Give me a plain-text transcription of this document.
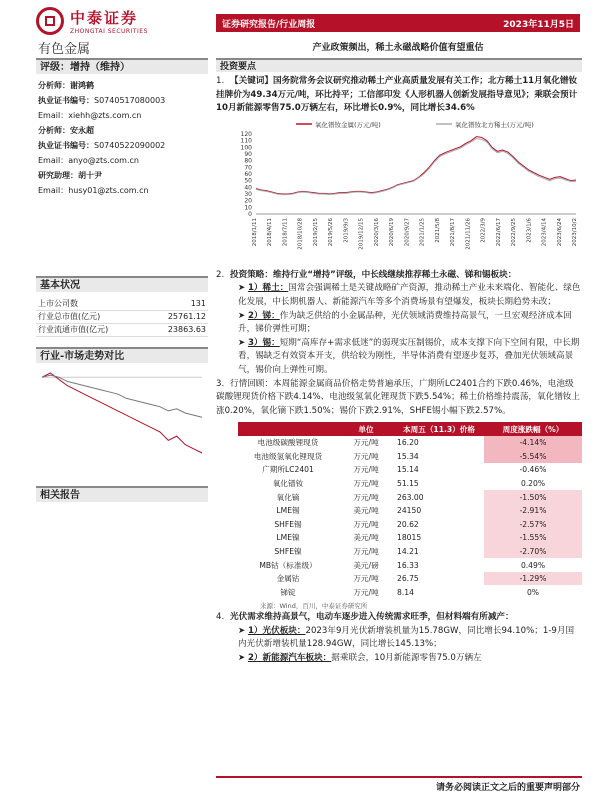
中泰证券
ZHONGTAI SECURITIES
有色金属
证券研究报告/行业周报	2023年11月5日
产业政策频出，稀土永磁战略价值有望重估
评级：增持（维持）
分析师：谢鸿鹤
执业证书编号：S0740517080003
Email：xiehh@zts.com.cn
分析师：安永超
执业证书编号：S0740522090002
Email：anyo@zts.com.cn
研究助理：胡十尹
Email：husy01@zts.com.cn
基本状况
上市公司数	131
行业总市值(亿元)	25761.12
行业流通市值(亿元)	23863.63
行业-市场走势对比
相关报告
投资要点
1. 【关键词】国务院常务会议研究推动稀土产业高质量发展有关工作；北方稀土11月氧化镨钕挂牌价为49.34万元/吨，环比持平；工信部印发《人形机器人创新发展指导意见》；乘联会预计10月新能源零售75.0万辆左右，环比增长0.9%，同比增长34.6%
氧化镨钕金属(万元/吨)	氧化镨钕北方稀土(万元/吨)
0
10
20
30
40
50
60
70
80
90
100
110
120
2018/1/11 2018/4/11 2018/7/11 2018/10/28 2019/2/15 2019/5/26 2019/9/3 2019/12/15 2020/3/16 2020/6/19 2020/9/27 2021/1/25 2021/5/8 2021/8/17 2021/11/26 2022/3/9 2022/6/17 2022/9/25 2023/1/6 2023/4/14 2023/6/24 2023/10/2
2. 投资策略：维持行业“增持”评级，中长线继续推荐稀土永磁、锑和锡板块：
➤ 1）稀土：国常会强调稀土是关键战略矿产资源，推动稀土产业未来端化、智能化、绿色化发展，中长期机器人、新能源汽车等多个消费场景有望爆发，板块长期趋势未改；
➤ 2）锑：作为缺乏供给的小金属品种，光伏领域消费维持高景气，一旦宏观经济成本回升，锑价弹性可期；
➤ 3）锡：短期“高库存+需求低迷”的弱现实压制锡价，成本支撑下向下空间有限，中长期看，锡缺乏有效资本开支，供给较为刚性，半导体消费有望逐步复苏，叠加光伏领域高景气，锡价向上弹性可期。
3. 行情回顾：本周能源金属商品价格走势普遍承压，广期所LC2401合约下跌0.46%，电池级碳酸锂现货价格下跌4.14%、电池级氢氧化锂现货下跌5.54%；稀土价格维持震荡，氧化镨钕上涨0.20%，氧化镝下跌1.50%；锡价下跌2.91%，SHFE锡小幅下跌2.57%。
	单位	本周五（11.3）价格	周度涨跌幅（%）
电池级碳酸锂现货	万元/吨	16.20	-4.14%
电池级氢氧化锂现货	万元/吨	15.34	-5.54%
广期所LC2401	万元/吨	15.14	-0.46%
氧化镨钕	万元/吨	51.15	0.20%
氧化镝	万元/吨	263.00	-1.50%
LME锡	美元/吨	24150	-2.91%
SHFE锡	万元/吨	20.62	-2.57%
LME镍	美元/吨	18015	-1.55%
SHFE镍	万元/吨	14.21	-2.70%
MB钴（标准级）	美元/磅	16.33	0.49%
金属钴	万元/吨	26.75	-1.29%
锑锭	万元/吨	8.14	0%
来源：Wind，百川，中泰证券研究所
4. 光伏需求维持高景气，电动车逐步进入传统需求旺季，但材料端有所减产：
➤ 1）光伏板块：2023年9月光伏新增装机量为15.78GW，同比增长94.10%；1-9月国内光伏新增装机量128.94GW，同比增长145.13%；
➤ 2）新能源汽车板块：据乘联会，10月新能源零售75.0万辆左
请务必阅读正文之后的重要声明部分
